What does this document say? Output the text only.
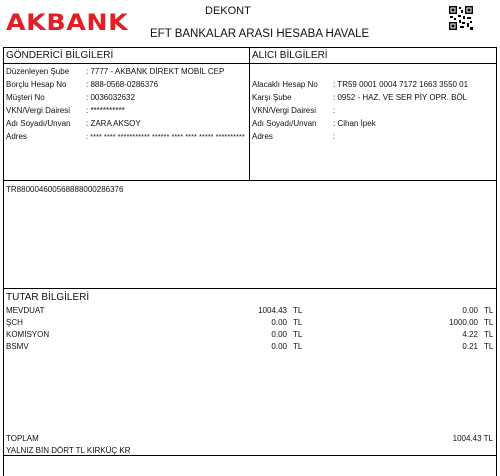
AKBANK	DEKONT
EFT BANKALAR ARASI HESABA HAVALE
GÖNDERİCİ BİLGİLERİ	ALICI BİLGİLERİ
Düzenleyen Şube : 7777 - AKBANK DİREKT MOBİL CEP
Borçlu Hesap No : 888-0568-0286376
Müşteri No	: 0036032632
VKN/Vergi Dairesi : ***********
Adı Soyadı/Unvan : ZARA AKSOY
Adres	: **** **** *********** ****** **** **** ***** **********
Alacaklı Hesap No : TR59 0001 0004 7172 1663 3550 01
Karşı Şube	: 0952 - HAZ. VE SER PİY OPR. BÖL
VKN/Vergi Dairesi :
Adı Soyadı/Unvan : Cihan İpek
Adres	:
TR880004600568888000286376
TUTAR BİLGİLERİ
MEVDUAT	1004.43 TL	0.00 TL
ŞCH	0.00 TL	1000.00 TL
KOMİSYON	0.00 TL	4.22 TL
BSMV	0.00 TL	0.21 TL
TOPLAM	1004.43 TL
YALNIZ BİN DÖRT TL KIRKÜÇ KR
